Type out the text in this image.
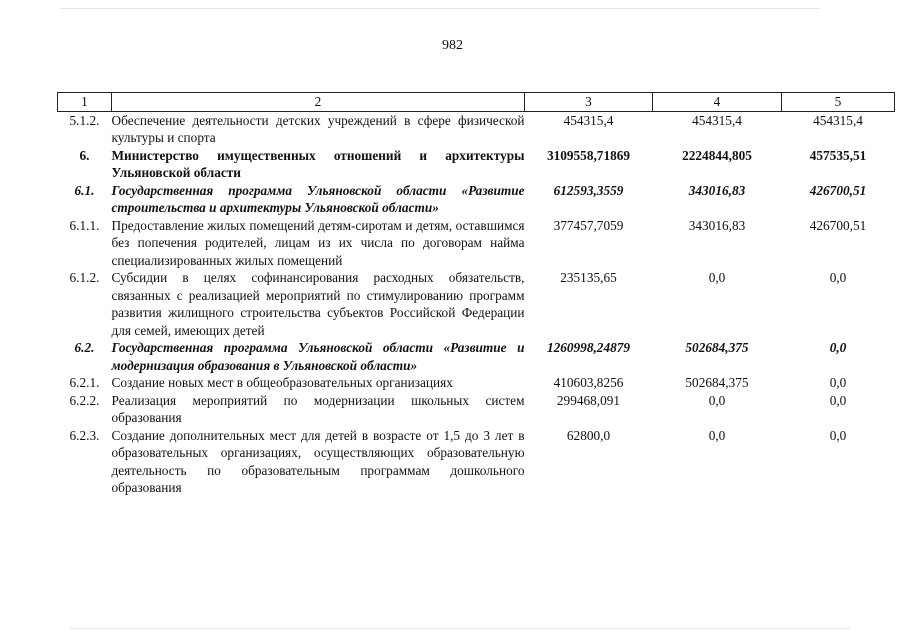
982
1	2	3	4	5
5.1.2.	Обеспечение деятельности детских учреждений в сфере физической культуры и спорта	454315,4	454315,4	454315,4
6.	Министерство имущественных отношений и архитектуры Ульяновской области	3109558,71869	2224844,805	457535,51
6.1.	Государственная программа Ульяновской области «Развитие строительства и архитектуры Ульяновской области»	612593,3559	343016,83	426700,51
6.1.1.	Предоставление жилых помещений детям-сиротам и детям, оставшимся без попечения родителей, лицам из их числа по договорам найма специализированных жилых помещений	377457,7059	343016,83	426700,51
6.1.2.	Субсидии в целях софинансирования расходных обязательств, связанных с реализацией мероприятий по стимулированию программ развития жилищного строительства субъектов Российской Федерации для семей, имеющих детей	235135,65	0,0	0,0
6.2.	Государственная программа Ульяновской области «Развитие и модернизация образования в Ульяновской области»	1260998,24879	502684,375	0,0
6.2.1.	Создание новых мест в общеобразовательных организациях	410603,8256	502684,375	0,0
6.2.2.	Реализация мероприятий по модернизации школьных систем образования	299468,091	0,0	0,0
6.2.3.	Создание дополнительных мест для детей в возрасте от 1,5 до 3 лет в образовательных организациях, осуществляющих образовательную деятельность по образовательным программам дошкольного образования	62800,0	0,0	0,0
